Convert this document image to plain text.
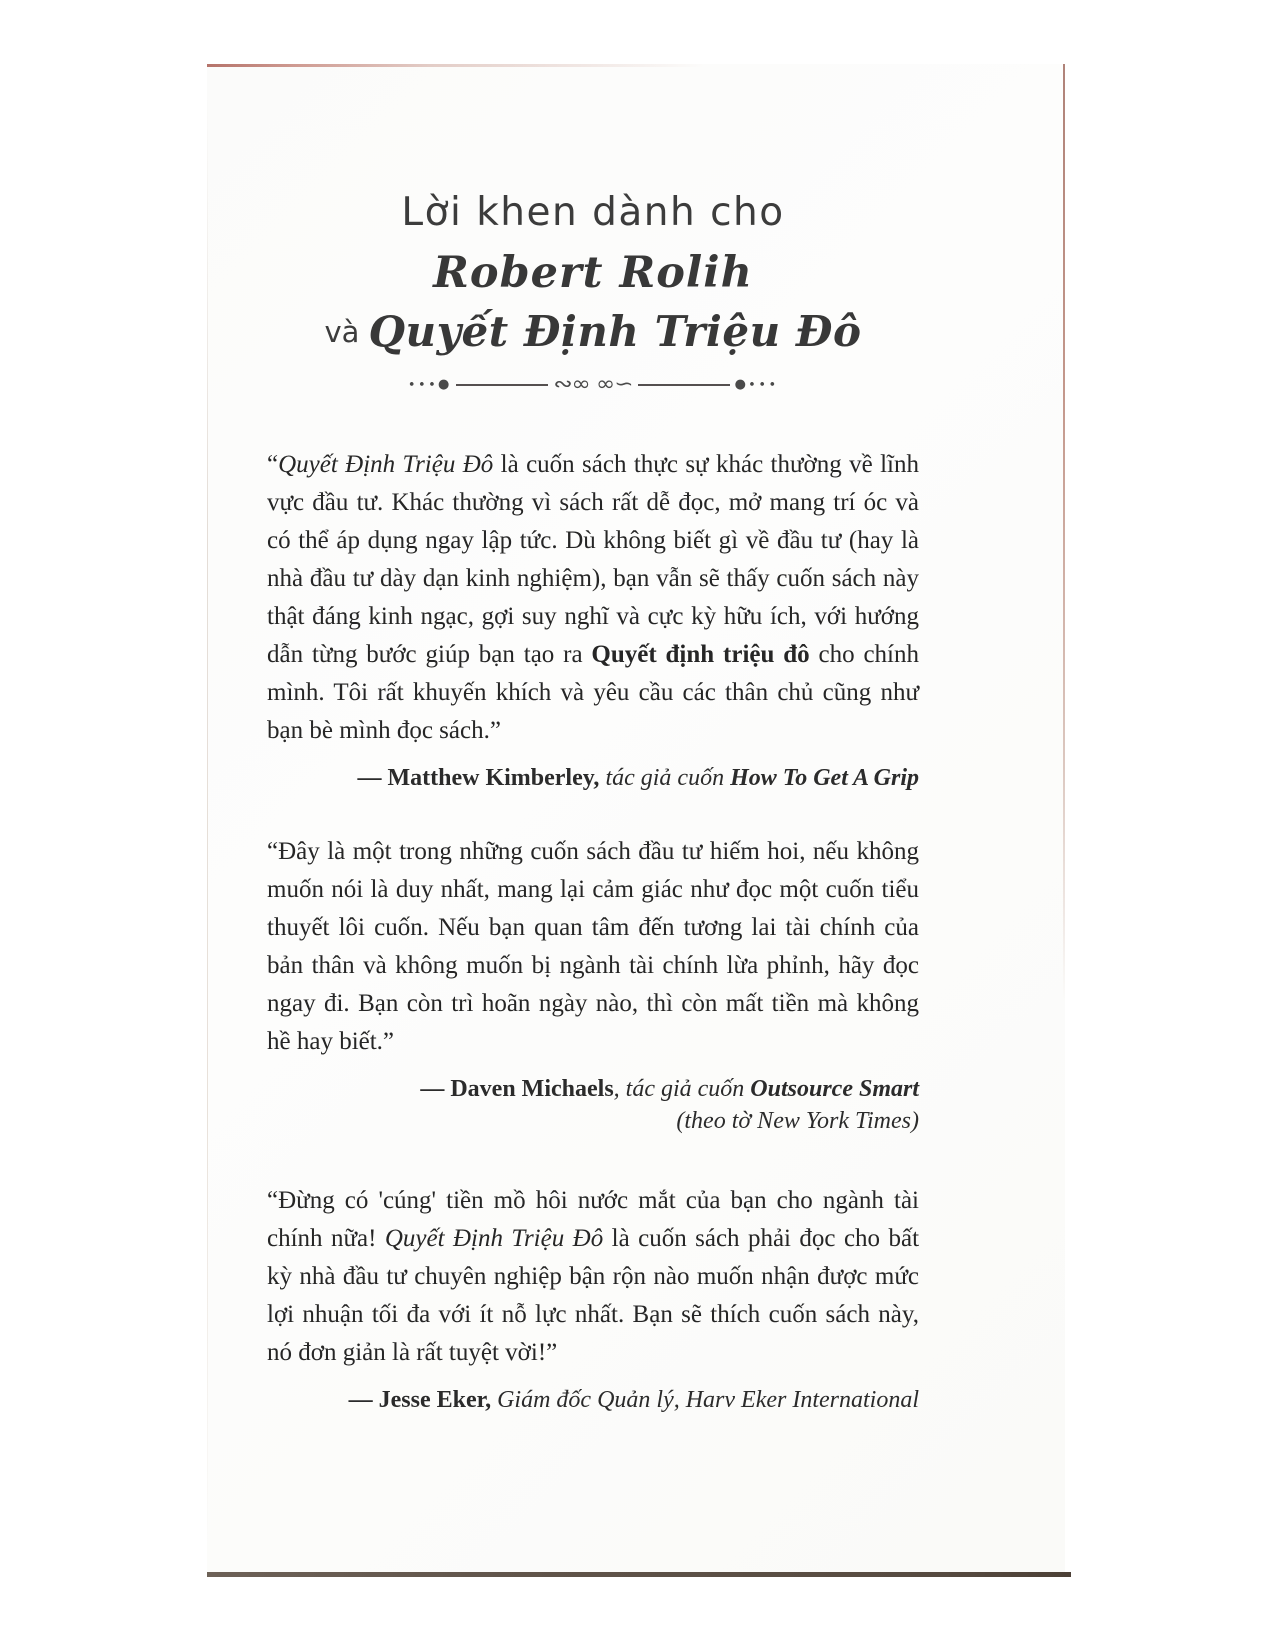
Lời khen dành cho
Robert Rolih
và Quyết Định Triệu Đô
∙∙∙●	∾∞ ∞∽	●∙∙∙

“Quyết Định Triệu Đô là cuốn sách thực sự khác thường về lĩnh vực đầu tư. Khác thường vì sách rất dễ đọc, mở mang trí óc và có thể áp dụng ngay lập tức. Dù không biết gì về đầu tư (hay là nhà đầu tư dày dạn kinh nghiệm), bạn vẫn sẽ thấy cuốn sách này thật đáng kinh ngạc, gợi suy nghĩ và cực kỳ hữu ích, với hướng dẫn từng bước giúp bạn tạo ra Quyết định triệu đô cho chính mình. Tôi rất khuyến khích và yêu cầu các thân chủ cũng như bạn bè mình đọc sách.”

— Matthew Kimberley, tác giả cuốn How To Get A Grip

“Đây là một trong những cuốn sách đầu tư hiếm hoi, nếu không muốn nói là duy nhất, mang lại cảm giác như đọc một cuốn tiểu thuyết lôi cuốn. Nếu bạn quan tâm đến tương lai tài chính của bản thân và không muốn bị ngành tài chính lừa phỉnh, hãy đọc ngay đi. Bạn còn trì hoãn ngày nào, thì còn mất tiền mà không hề hay biết.”

— Daven Michaels, tác giả cuốn Outsource Smart

(theo tờ New York Times)

“Đừng có 'cúng' tiền mồ hôi nước mắt của bạn cho ngành tài chính nữa! Quyết Định Triệu Đô là cuốn sách phải đọc cho bất kỳ nhà đầu tư chuyên nghiệp bận rộn nào muốn nhận được mức lợi nhuận tối đa với ít nỗ lực nhất. Bạn sẽ thích cuốn sách này, nó đơn giản là rất tuyệt vời!”

— Jesse Eker, Giám đốc Quản lý, Harv Eker International
